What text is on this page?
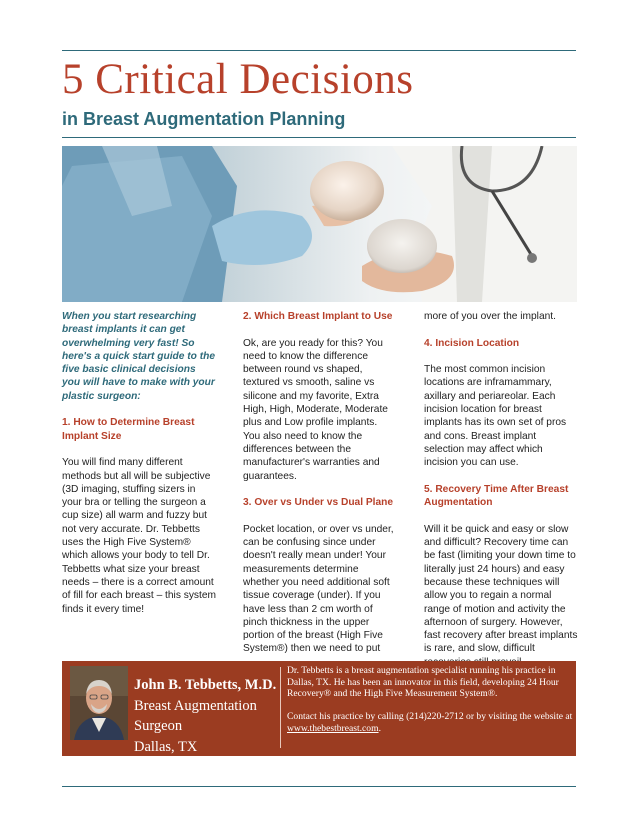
5 Critical Decisions
in Breast Augmentation Planning

When you start researching breast implants it can get overwhelming very fast! So here's a quick start guide to the five basic clinical decisions you will have to make with your plastic surgeon:

1. How to Determine Breast Implant Size

You will find many different methods but all will be subjective (3D imaging, stuffing sizers in your bra or telling the surgeon a cup size) all warm and fuzzy but not very accurate. Dr. Tebbetts uses the High Five System® which allows your body to tell Dr. Tebbetts what size your breast needs – there is a correct amount of fill for each breast – this system finds it every time!

2. Which Breast Implant to Use

Ok, are you ready for this? You need to know the difference between round vs shaped, textured vs smooth, saline vs silicone and my favorite, Extra High, High, Moderate, Moderate plus and Low profile implants. You also need to know the differences between the manufacturer's warranties and guarantees.

3. Over vs Under vs Dual Plane

Pocket location, or over vs under, can be confusing since under doesn't really mean under! Your measurements determine whether you need additional soft tissue coverage (under). If you have less than 2 cm worth of pinch thickness in the upper portion of the breast (High Five System®) then we need to put

more of you over the implant.

4. Incision Location

The most common incision locations are inframammary, axillary and periareolar. Each incision location for breast implants has its own set of pros and cons. Breast implant selection may affect which incision you can use.

5. Recovery Time After Breast Augmentation

Will it be quick and easy or slow and difficult? Recovery time can be fast (limiting your down time to literally just 24 hours) and easy because these techniques will allow you to regain a normal range of motion and activity the afternoon of surgery. However, fast recovery after breast implants is rare, and slow, difficult

John B. Tebbetts, M.D.
Breast Augmentation
Surgeon
Dallas, TX

Dr. Tebbetts is a breast augmentation specialist running his practice in Dallas, TX. He has been an innovator in this field, developing 24 Hour Recovery® and the High Five Measurement System®.

Contact his practice by calling (214)220-2712 or by visiting the website at www.thebestbreast.com.
